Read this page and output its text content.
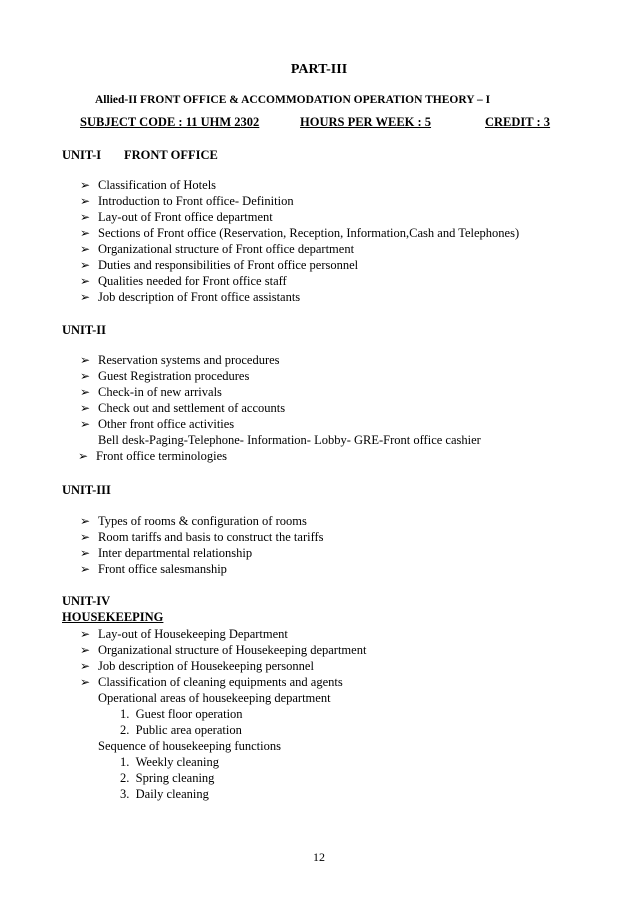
PART-III
Allied-II FRONT OFFICE & ACCOMMODATION OPERATION THEORY – I
SUBJECT CODE : 11 UHM 2302	HOURS PER WEEK : 5	CREDIT : 3
UNIT-I FRONT OFFICE
➢ Classification of Hotels
➢ Introduction to Front office- Definition
➢ Lay-out of Front office department
➢ Sections of Front office (Reservation, Reception, Information,Cash and Telephones)
➢ Organizational structure of Front office department
➢ Duties and responsibilities of Front office personnel
➢ Qualities needed for Front office staff
➢ Job description of Front office assistants
UNIT-II
➢ Reservation systems and procedures
➢ Guest Registration procedures
➢ Check-in of new arrivals
➢ Check out and settlement of accounts
➢ Other front office activities
Bell desk-Paging-Telephone- Information- Lobby- GRE-Front office cashier
➢ Front office terminologies
UNIT-III
➢ Types of rooms & configuration of rooms
➢ Room tariffs and basis to construct the tariffs
➢ Inter departmental relationship
➢ Front office salesmanship
UNIT-IV
HOUSEKEEPING
➢ Lay-out of Housekeeping Department
➢ Organizational structure of Housekeeping department
➢ Job description of Housekeeping personnel
➢ Classification of cleaning equipments and agents
Operational areas of housekeeping department
1. Guest floor operation
2. Public area operation
Sequence of housekeeping functions
1. Weekly cleaning
2. Spring cleaning
3. Daily cleaning
12
